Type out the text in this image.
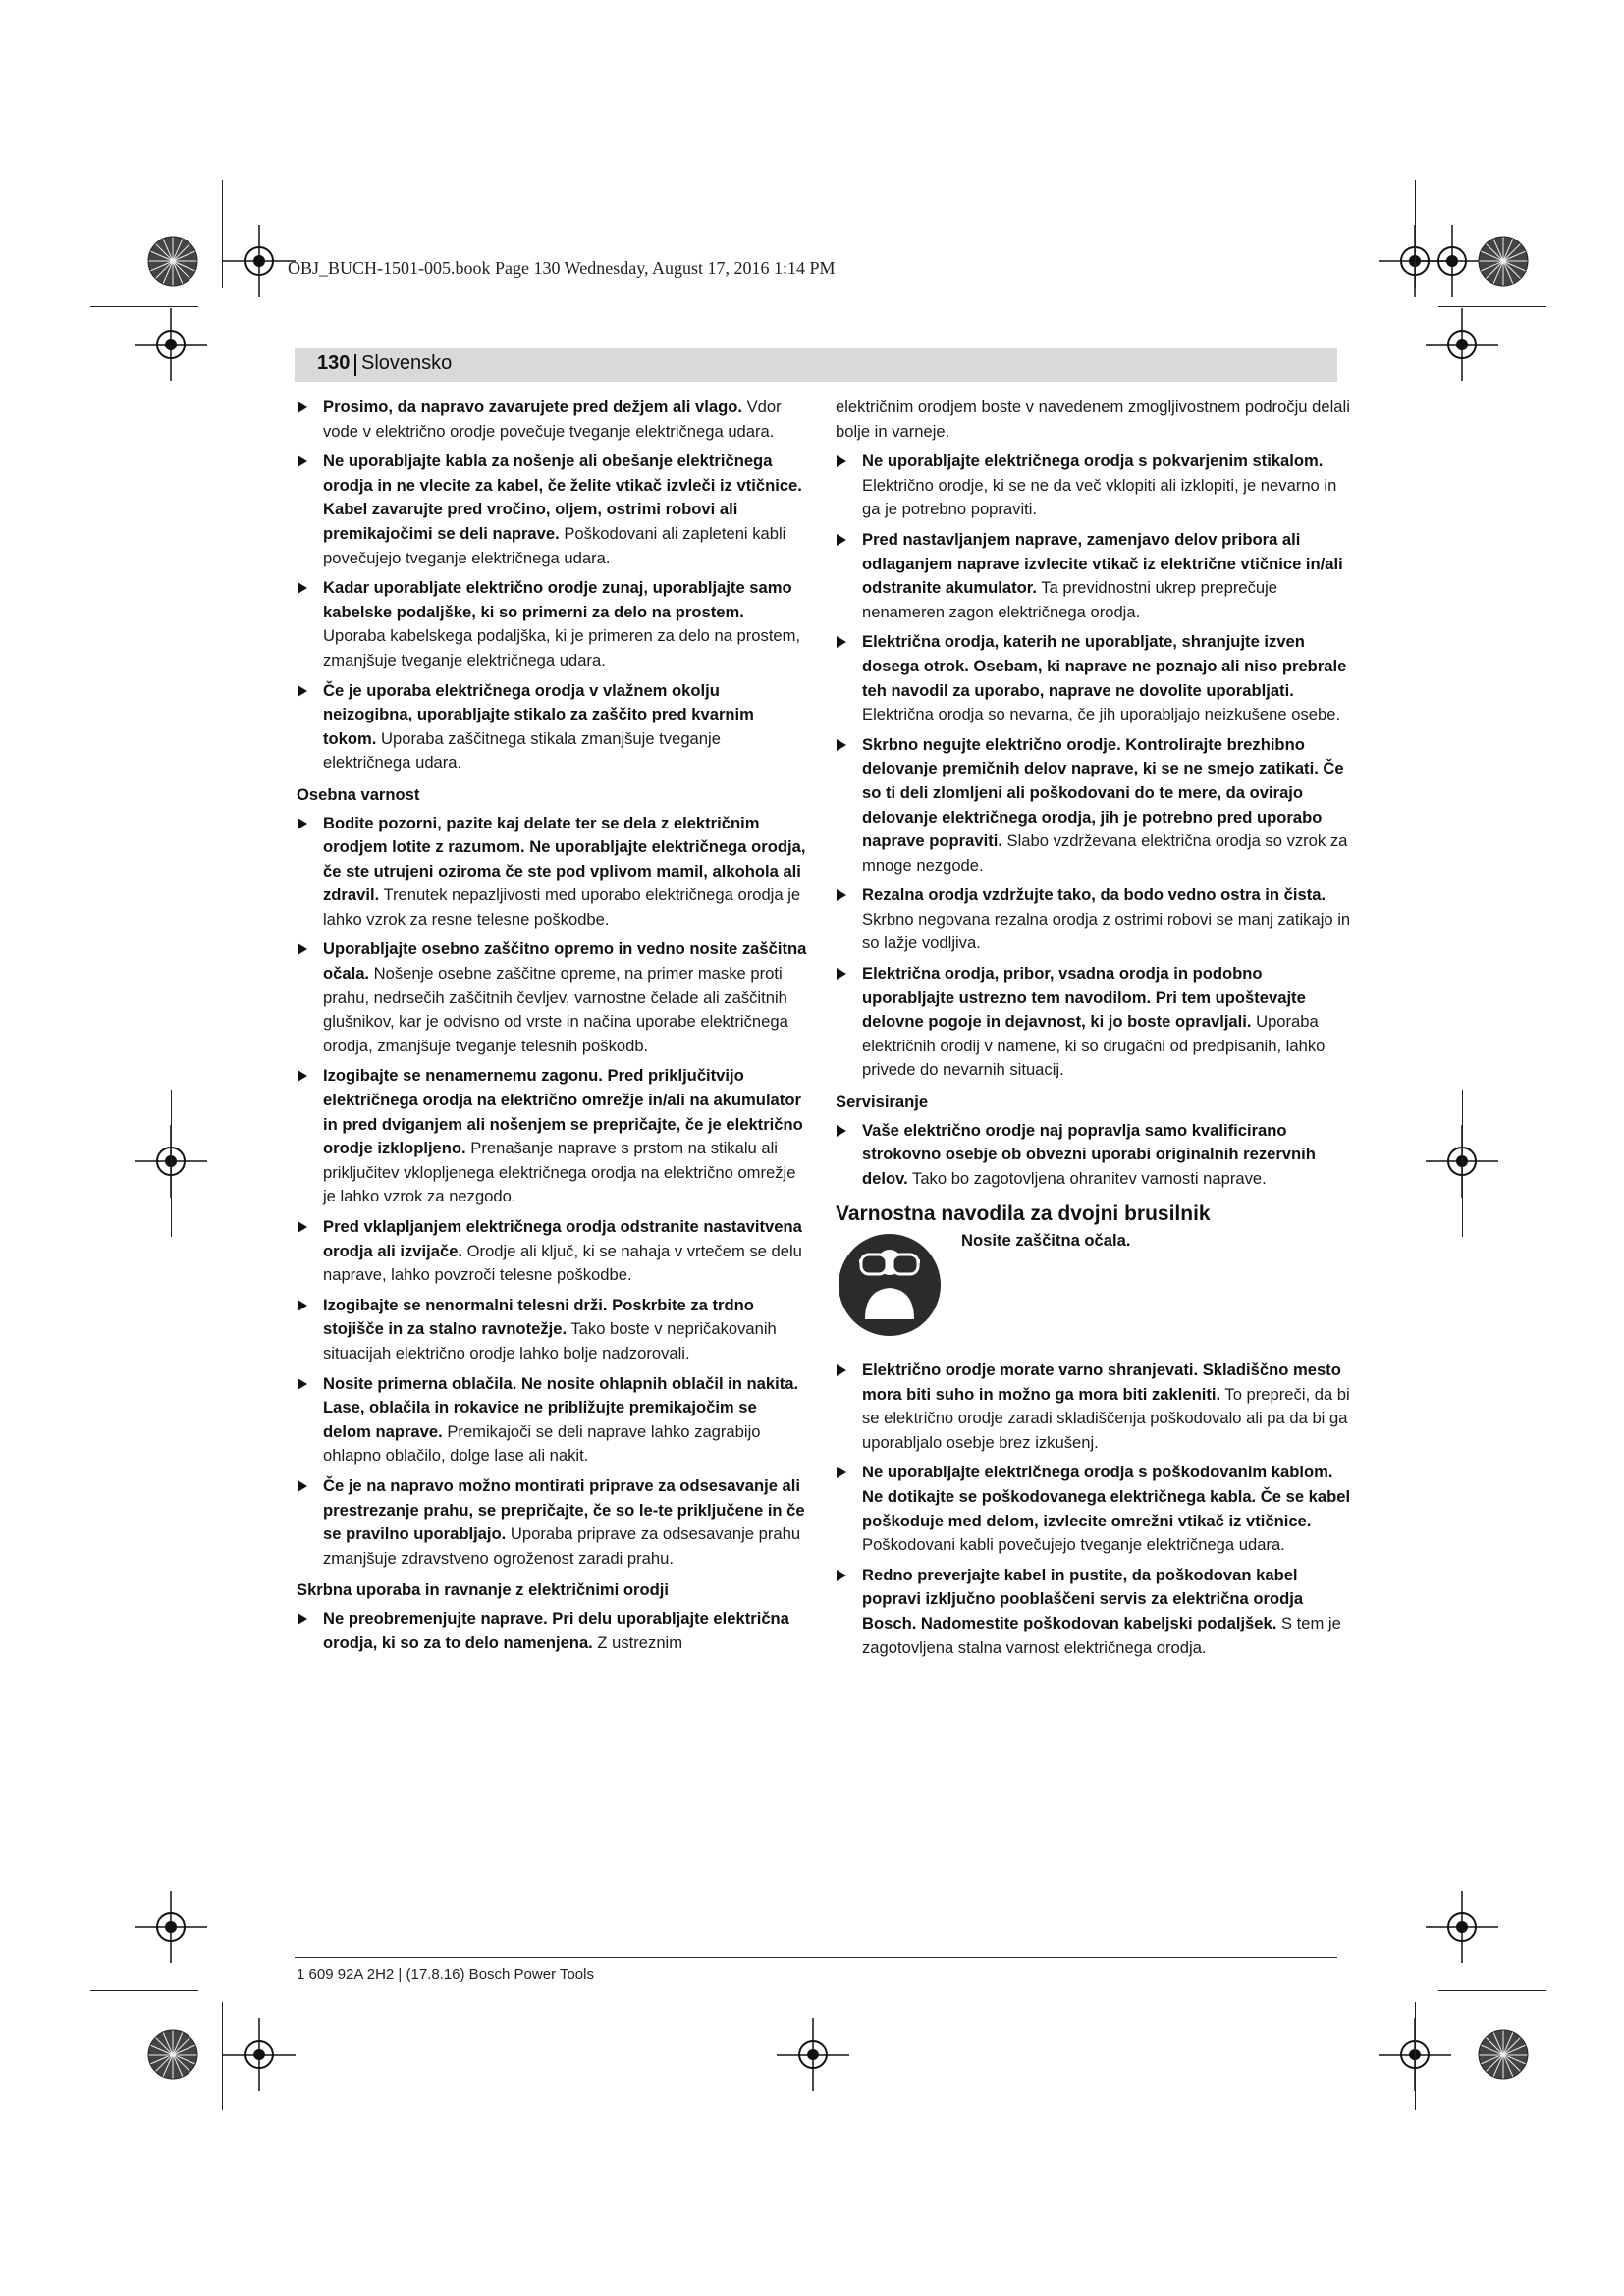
OBJ_BUCH-1501-005.book Page 130 Wednesday, August 17, 2016 1:14 PM
130 Slovensko
Prosimo, da napravo zavarujete pred dežjem ali vlago. Vdor vode v električno orodje povečuje tveganje električnega udara.
Ne uporabljajte kabla za nošenje ali obešanje električnega orodja in ne vlecite za kabel, če želite vtikač izvleči iz vtičnice. Kabel zavarujte pred vročino, oljem, ostrimi robovi ali premikajočimi se deli naprave. Poškodovani ali zapleteni kabli povečujejo tveganje električnega udara.
Kadar uporabljate električno orodje zunaj, uporabljajte samo kabelske podaljške, ki so primerni za delo na prostem. Uporaba kabelskega podaljška, ki je primeren za delo na prostem, zmanjšuje tveganje električnega udara.
Če je uporaba električnega orodja v vlažnem okolju neizogibna, uporabljajte stikalo za zaščito pred kvarnim tokom. Uporaba zaščitnega stikala zmanjšuje tveganje električnega udara.
Osebna varnost
Bodite pozorni, pazite kaj delate ter se dela z električnim orodjem lotite z razumom. Ne uporabljajte električnega orodja, če ste utrujeni oziroma če ste pod vplivom mamil, alkohola ali zdravil. Trenutek nepazljivosti med uporabo električnega orodja je lahko vzrok za resne telesne poškodbe.
Uporabljajte osebno zaščitno opremo in vedno nosite zaščitna očala. Nošenje osebne zaščitne opreme, na primer maske proti prahu, nedrsečih zaščitnih čevljev, varnostne čelade ali zaščitnih glušnikov, kar je odvisno od vrste in načina uporabe električnega orodja, zmanjšuje tveganje telesnih poškodb.
Izogibajte se nenamernemu zagonu. Pred priključitvijo električnega orodja na električno omrežje in/ali na akumulator in pred dviganjem ali nošenjem se prepričajte, če je električno orodje izklopljeno. Prenašanje naprave s prstom na stikalu ali priključitev vklopljenega električnega orodja na električno omrežje je lahko vzrok za nezgodo.
Pred vklapljanjem električnega orodja odstranite nastavitvena orodja ali izvijače. Orodje ali ključ, ki se nahaja v vrtečem se delu naprave, lahko povzroči telesne poškodbe.
Izogibajte se nenormalni telesni drži. Poskrbite za trdno stojišče in za stalno ravnotežje. Tako boste v nepričakovanih situacijah električno orodje lahko bolje nadzorovali.
Nosite primerna oblačila. Ne nosite ohlapnih oblačil in nakita. Lase, oblačila in rokavice ne približujte premikajočim se delom naprave. Premikajoči se deli naprave lahko zagrabijo ohlapno oblačilo, dolge lase ali nakit.
Če je na napravo možno montirati priprave za odsesavanje ali prestrezanje prahu, se prepričajte, če so le-te priključene in če se pravilno uporabljajo. Uporaba priprave za odsesavanje prahu zmanjšuje zdravstveno ogroženost zaradi prahu.
Skrbna uporaba in ravnanje z električnimi orodji
Ne preobremenjujte naprave. Pri delu uporabljajte električna orodja, ki so za to delo namenjena. Z ustreznim
električnim orodjem boste v navedenem zmogljivostnem področju delali bolje in varneje.
Ne uporabljajte električnega orodja s pokvarjenim stikalom. Električno orodje, ki se ne da več vklopiti ali izklopiti, je nevarno in ga je potrebno popraviti.
Pred nastavljanjem naprave, zamenjavo delov pribora ali odlaganjem naprave izvlecite vtikač iz električne vtičnice in/ali odstranite akumulator. Ta previdnostni ukrep preprečuje nenameren zagon električnega orodja.
Električna orodja, katerih ne uporabljate, shranjujte izven dosega otrok. Osebam, ki naprave ne poznajo ali niso prebrale teh navodil za uporabo, naprave ne dovolite uporabljati. Električna orodja so nevarna, če jih uporabljajo neizkušene osebe.
Skrbno negujte električno orodje. Kontrolirajte brezhibno delovanje premičnih delov naprave, ki se ne smejo zatikati. Če so ti deli zlomljeni ali poškodovani do te mere, da ovirajo delovanje električnega orodja, jih je potrebno pred uporabo naprave popraviti. Slabo vzdrževana električna orodja so vzrok za mnoge nezgode.
Rezalna orodja vzdržujte tako, da bodo vedno ostra in čista. Skrbno negovana rezalna orodja z ostrimi robovi se manj zatikajo in so lažje vodljiva.
Električna orodja, pribor, vsadna orodja in podobno uporabljajte ustrezno tem navodilom. Pri tem upoštevajte delovne pogoje in dejavnost, ki jo boste opravljali. Uporaba električnih orodij v namene, ki so drugačni od predpisanih, lahko privede do nevarnih situacij.
Servisiranje
Vaše električno orodje naj popravlja samo kvalificirano strokovno osebje ob obvezni uporabi originalnih rezervnih delov. Tako bo zagotovljena ohranitev varnosti naprave.
Varnostna navodila za dvojni brusilnik
Nosite zaščitna očala.
Električno orodje morate varno shranjevati. Skladiščno mesto mora biti suho in možno ga mora biti zakleniti. To prepreči, da bi se električno orodje zaradi skladiščenja poškodovalo ali pa da bi ga uporabljalo osebje brez izkušenj.
Ne uporabljajte električnega orodja s poškodovanim kablom. Ne dotikajte se poškodovanega električnega kabla. Če se kabel poškoduje med delom, izvlecite omrežni vtikač iz vtičnice. Poškodovani kabli povečujejo tveganje električnega udara.
Redno preverjajte kabel in pustite, da poškodovan kabel popravi izključno pooblaščeni servis za električna orodja Bosch. Nadomestite poškodovan kabeljski podaljšek. S tem je zagotovljena stalna varnost električnega orodja.
1 609 92A 2H2 | (17.8.16) Bosch Power Tools
